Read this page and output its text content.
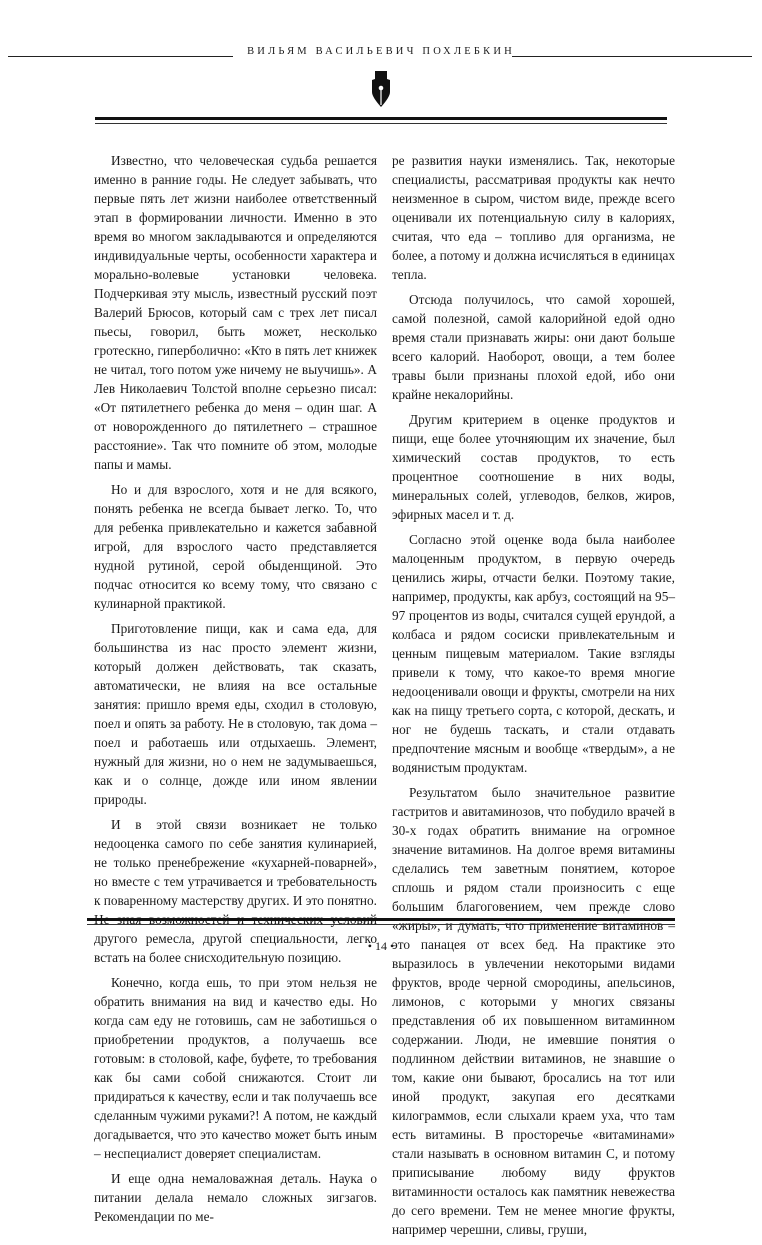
ВИЛЬЯМ ВАСИЛЬЕВИЧ ПОХЛЕБКИН

Известно, что человеческая судьба решается именно в ранние годы. Не следует забывать, что первые пять лет жизни наиболее ответственный этап в формировании личности. Именно в это время во многом закладываются и определяются индивидуальные черты, особенности характера и морально-волевые установки человека. Подчеркивая эту мысль, известный русский поэт Валерий Брюсов, который сам с трех лет писал пьесы, говорил, быть может, несколько гротескно, гиперболично: «Кто в пять лет книжек не читал, того потом уже ничему не выучишь». А Лев Николаевич Толстой вполне серьезно писал: «От пятилетнего ребенка до меня – один шаг. А от новорожденного до пятилетнего – страшное расстояние». Так что помните об этом, молодые папы и мамы.

Но и для взрослого, хотя и не для всякого, понять ребенка не всегда бывает легко. То, что для ребенка привлекательно и кажется забавной игрой, для взрослого часто представляется нудной рутиной, серой обыденщиной. Это подчас относится ко всему тому, что связано с кулинарной практикой.

Приготовление пищи, как и сама еда, для большинства из нас просто элемент жизни, который должен действовать, так сказать, автоматически, не влияя на все остальные занятия: пришло время еды, сходил в столовую, поел и опять за работу. Не в столовую, так дома – поел и работаешь или отдыхаешь. Элемент, нужный для жизни, но о нем не задумываешься, как и о солнце, дожде или ином явлении природы.

И в этой связи возникает не только недооценка самого по себе занятия кулинарией, не только пренебрежение «кухарней-поварней», но вместе с тем утрачивается и требовательность к поваренному мастерству других. И это понятно. Не зная возможностей и технических условий другого ремесла, другой специальности, легко встать на более снисходительную позицию.

Конечно, когда ешь, то при этом нельзя не обратить внимания на вид и качество еды. Но когда сам еду не готовишь, сам не заботишься о приобретении продуктов, а получаешь все готовым: в столовой, кафе, буфете, то требования как бы сами собой снижаются. Стоит ли придираться к качеству, если и так получаешь все сделанным чужими руками?! А потом, не каждый догадывается, что это качество может быть иным – неспециалист доверяет специалистам.

И еще одна немаловажная деталь. Наука о питании делала немало сложных зигзагов. Рекомендации по ме-

ре развития науки изменялись. Так, некоторые специалисты, рассматривая продукты как нечто неизменное в сыром, чистом виде, прежде всего оценивали их потенциальную силу в калориях, считая, что еда – топливо для организма, не более, а потому и должна исчисляться в единицах тепла.

Отсюда получилось, что самой хорошей, самой полезной, самой калорийной едой одно время стали признавать жиры: они дают больше всего калорий. Наоборот, овощи, а тем более травы были признаны плохой едой, ибо они крайне некалорийны.

Другим критерием в оценке продуктов и пищи, еще более уточняющим их значение, был химический состав продуктов, то есть процентное соотношение в них воды, минеральных солей, углеводов, белков, жиров, эфирных масел и т. д.

Согласно этой оценке вода была наиболее малоценным продуктом, в первую очередь ценились жиры, отчасти белки. Поэтому такие, например, продукты, как арбуз, состоящий на 95–97 процентов из воды, считался сущей ерундой, а колбаса и рядом сосиски привлекательным и ценным пищевым материалом. Такие взгляды привели к тому, что какое-то время многие недооценивали овощи и фрукты, смотрели на них как на пищу третьего сорта, с которой, дескать, и ног не будешь таскать, и стали отдавать предпочтение мясным и вообще «твердым», а не водянистым продуктам.

Результатом было значительное развитие гастритов и авитаминозов, что побудило врачей в 30-х годах обратить внимание на огромное значение витаминов. На долгое время витамины сделались тем заветным понятием, которое сплошь и рядом стали произносить с еще большим благоговением, чем прежде слово «жиры», и думать, что применение витаминов – это панацея от всех бед. На практике это выразилось в увлечении некоторыми видами фруктов, вроде черной смородины, апельсинов, лимонов, с которыми у многих связаны представления об их повышенном витаминном содержании. Люди, не имевшие понятия о подлинном действии витаминов, не знавшие о том, какие они бывают, бросались на тот или иной продукт, закупая его десятками килограммов, если слыхали краем уха, что там есть витамины. В просторечье «витаминами» стали называть в основном витамин C, и потому приписывание любому виду фруктов витаминности осталось как памятник невежества до сего времени. Тем не менее многие фрукты, например черешни, сливы, груши,

• 14 •
